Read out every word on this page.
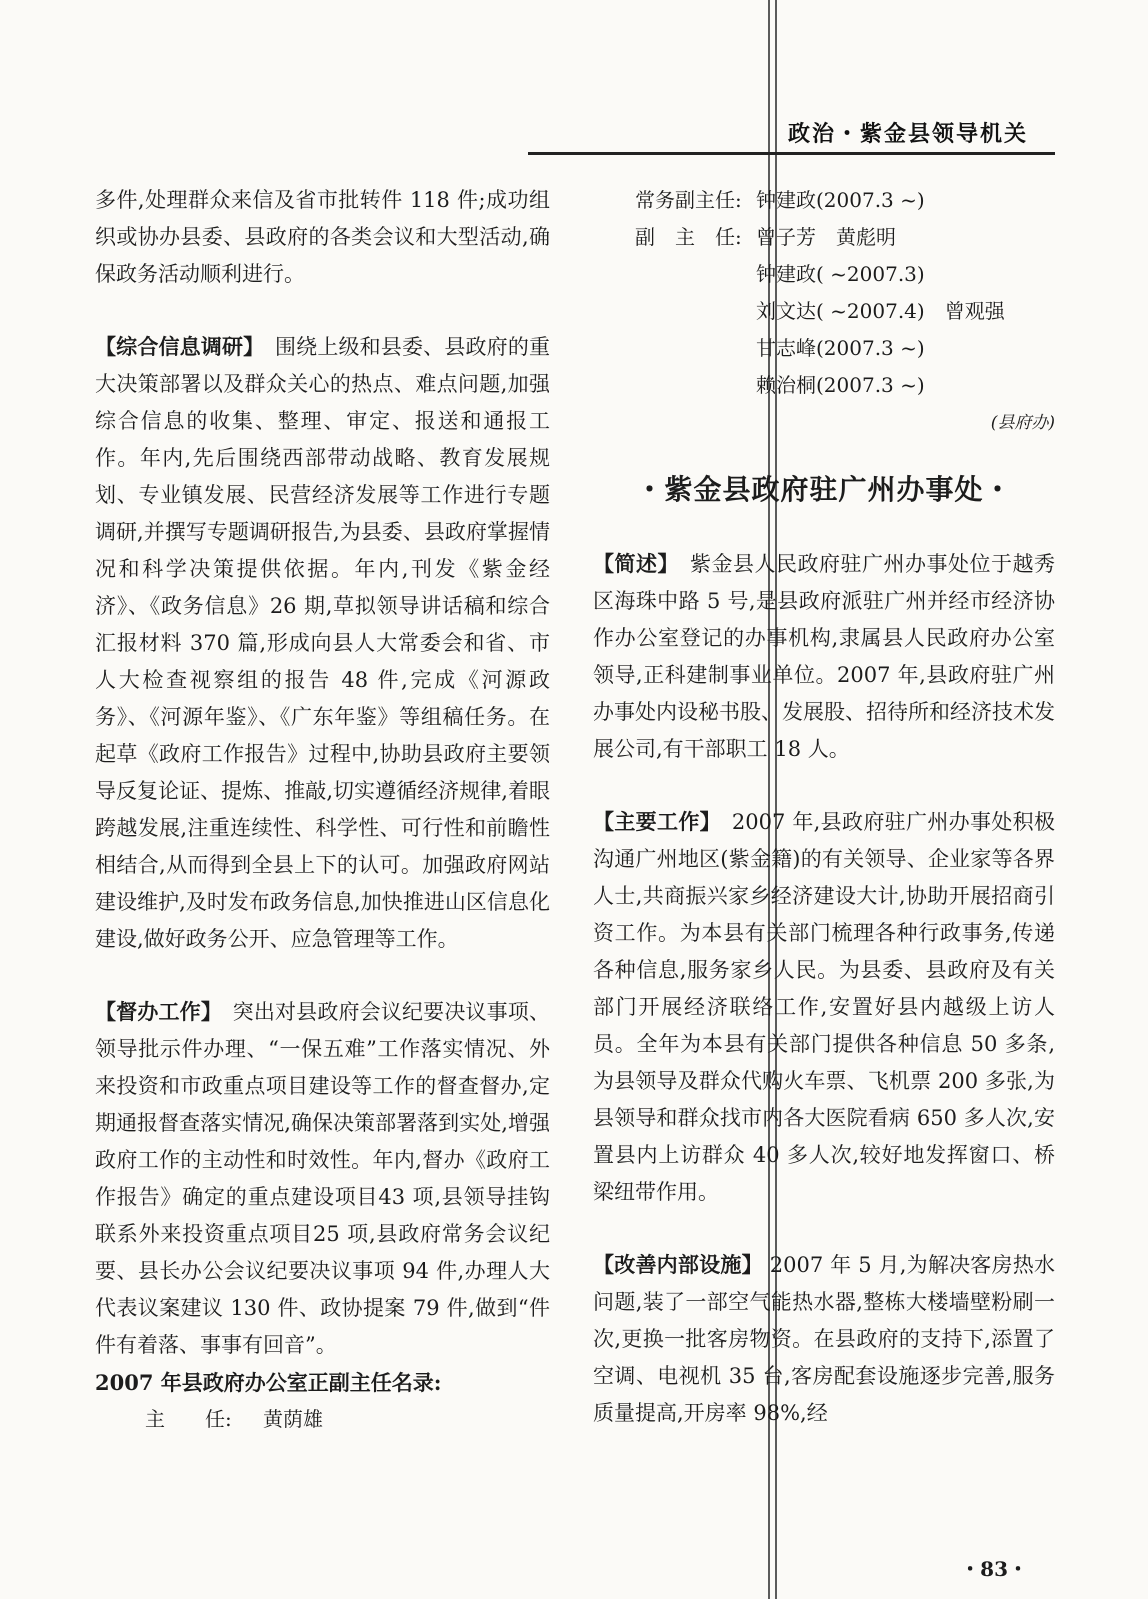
政治・紫金县领导机关

多件,处理群众来信及省市批转件 118 件;成功组织或协办县委、县政府的各类会议和大型活动,确保政务活动顺利进行。

【综合信息调研】　 围绕上级和县委、县政府的重大决策部署以及群众关心的热点、难点问题,加强综合信息的收集、整理、审定、报送和通报工作。年内,先后围绕西部带动战略、教育发展规划、专业镇发展、民营经济发展等工作进行专题调研,并撰写专题调研报告,为县委、县政府掌握情况和科学决策提供依据。年内,刊发《紫金经济》、《政务信息》26 期,草拟领导讲话稿和综合汇报材料 370 篇,形成向县人大常委会和省、市人大检查视察组的报告 48 件,完成《河源政务》、《河源年鉴》、《广东年鉴》等组稿任务。在起草《政府工作报告》过程中,协助县政府主要领导反复论证、提炼、推敲,切实遵循经济规律,着眼跨越发展,注重连续性、科学性、可行性和前瞻性相结合,从而得到全县上下的认可。加强政府网站建设维护,及时发布政务信息,加快推进山区信息化建设,做好政务公开、应急管理等工作。

【督办工作】　 突出对县政府会议纪要决议事项、领导批示件办理、“一保五难”工作落实情况、外来投资和市政重点项目建设等工作的督查督办,定期通报督查落实情况,确保决策部署落到实处,增强政府工作的主动性和时效性。年内,督办《政府工作报告》确定的重点建设项目43 项,县领导挂钩联系外来投资重点项目25 项,县政府常务会议纪要、县长办公会议纪要决议事项 94 件,办理人大代表议案建议 130 件、政协提案 79 件,做到“件件有着落、事事有回音”。

2007 年县政府办公室正副主任名录:

主　　任: 黄荫雄
常务副主任: 钟建政(2007.3 ~)
副　主　任: 曾子芳　黄彪明
钟建政( ~2007.3)
刘文达( ~2007.4)　曾观强
甘志峰(2007.3 ~)
赖治桐(2007.3 ~)
(县府办)
・紫金县政府驻广州办事处・

【简述】　 紫金县人民政府驻广州办事处位于越秀区海珠中路 5 号,是县政府派驻广州并经市经济协作办公室登记的办事机构,隶属县人民政府办公室领导,正科建制事业单位。2007 年,县政府驻广州办事处内设秘书股、发展股、招待所和经济技术发展公司,有干部职工 18 人。

【主要工作】　 2007 年,县政府驻广州办事处积极沟通广州地区(紫金籍)的有关领导、企业家等各界人士,共商振兴家乡经济建设大计,协助开展招商引资工作。为本县有关部门梳理各种行政事务,传递各种信息,服务家乡人民。为县委、县政府及有关部门开展经济联络工作,安置好县内越级上访人员。全年为本县有关部门提供各种信息 50 多条,为县领导及群众代购火车票、飞机票 200 多张,为县领导和群众找市内各大医院看病 650 多人次,安置县内上访群众 40 多人次,较好地发挥窗口、桥梁纽带作用。

【改善内部设施】 2007 年 5 月,为解决客房热水问题,装了一部空气能热水器,整栋大楼墙壁粉刷一次,更换一批客房物资。在县政府的支持下,添置了空调、电视机 35 台,客房配套设施逐步完善,服务质量提高,开房率 98%,经

・83・
